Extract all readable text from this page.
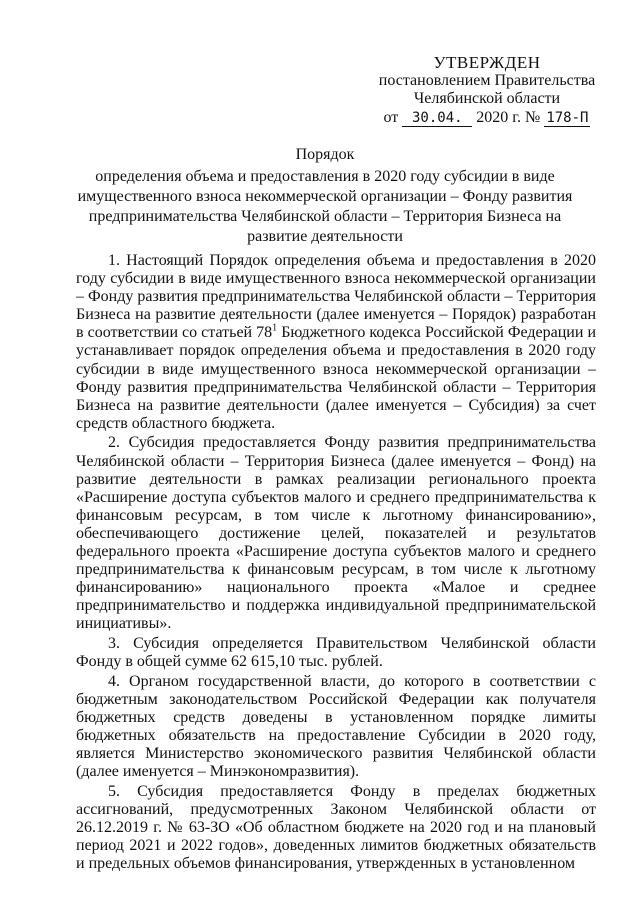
УТВЕРЖДЕН
постановлением Правительства
Челябинской области
от 30.04. 2020 г. № 178-П
Порядок
определения объема и предоставления в 2020 году субсидии в виде имущественного взноса некоммерческой организации – Фонду развития предпринимательства Челябинской области – Территория Бизнеса на развитие деятельности

1. Настоящий Порядок определения объема и предоставления в 2020 году субсидии в виде имущественного взноса некоммерческой организации – Фонду развития предпринимательства Челябинской области – Территория Бизнеса на развитие деятельности (далее именуется – Порядок) разработан в соответствии со статьей $78^1$ Бюджетного кодекса Российской Федерации и устанавливает порядок определения объема и предоставления в 2020 году субсидии в виде имущественного взноса некоммерческой организации – Фонду развития предпринимательства Челябинской области – Территория Бизнеса на развитие деятельности (далее именуется – Субсидия) за счет средств областного бюджета.

2. Субсидия предоставляется Фонду развития предпринимательства Челябинской области – Территория Бизнеса (далее именуется – Фонд) на развитие деятельности в рамках реализации регионального проекта «Расширение доступа субъектов малого и среднего предпринимательства к финансовым ресурсам, в том числе к льготному финансированию», обеспечивающего достижение целей, показателей и результатов федерального проекта «Расширение доступа субъектов малого и среднего предпринимательства к финансовым ресурсам, в том числе к льготному финансированию» национального проекта «Малое и среднее предпринимательство и поддержка индивидуальной предпринимательской инициативы».

3. Субсидия определяется Правительством Челябинской области Фонду в общей сумме 62 615,10 тыс. рублей.

4. Органом государственной власти, до которого в соответствии с бюджетным законодательством Российской Федерации как получателя бюджетных средств доведены в установленном порядке лимиты бюджетных обязательств на предоставление Субсидии в 2020 году, является Министерство экономического развития Челябинской области (далее именуется – Минэкономразвития).

5. Субсидия предоставляется Фонду в пределах бюджетных ассигнований, предусмотренных Законом Челябинской области от 26.12.2019 г. № 63-ЗО «Об областном бюджете на 2020 год и на плановый период 2021 и 2022 годов», доведенных лимитов бюджетных обязательств и предельных объемов финансирования, утвержденных в установленном
